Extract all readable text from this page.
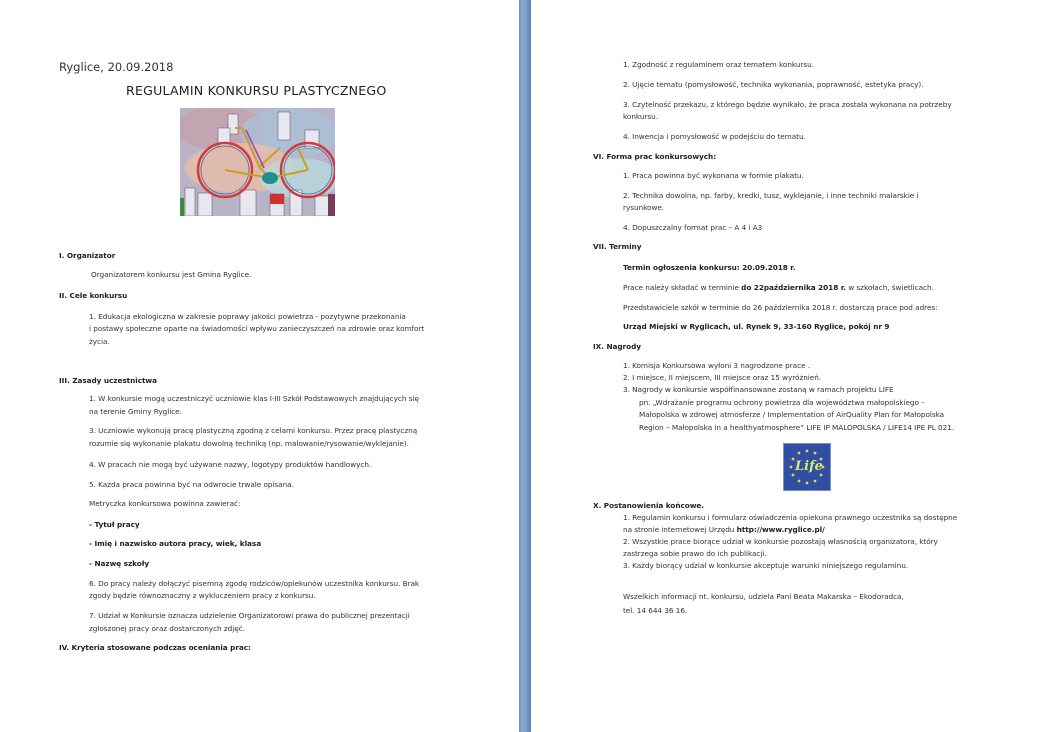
Ryglice, 20.09.2018
REGULAMIN KONKURSU PLASTYCZNEGO
I. Organizator
Organizatorem konkursu jest Gmina Ryglice.
II. Cele konkursu
1. Edukacja ekologiczna w zakresie poprawy jakości powietrza - pozytywne przekonania
i postawy społeczne oparte na świadomości wpływu zanieczyszczeń na zdrowie oraz komfort
życia.
III. Zasady uczestnictwa
1. W konkursie mogą uczestniczyć uczniowie klas I-III Szkół Podstawowych znajdujących się
na terenie Gminy Ryglice.
3. Uczniowie wykonują pracę plastyczną zgodną z celami konkursu. Przez pracę plastyczną
rozumie się wykonanie plakatu dowolną techniką (np. malowanie/rysowanie/wyklejanie).
4. W pracach nie mogą być używane nazwy, logotypy produktów handlowych.
5. Każda praca powinna być na odwrocie trwale opisana.
Metryczka konkursowa powinna zawierać:
- Tytuł pracy
- Imię i nazwisko autora pracy, wiek, klasa
- Nazwę szkoły
6. Do pracy należy dołączyć pisemną zgodę rodziców/opiekunów uczestnika konkursu. Brak
zgody będzie równoznaczny z wykluczeniem pracy z konkursu.
7. Udział w Konkursie oznacza udzielenie Organizatorowi prawa do publicznej prezentacji
zgłoszonej pracy oraz dostarczonych zdjęć.
IV. Kryteria stosowane podczas oceniania prac:
1. Zgodność z regulaminem oraz tematem konkursu.
2. Ujęcie tematu (pomysłowość, technika wykonania, poprawność, estetyka pracy).
3. Czytelność przekazu, z którego będzie wynikało, że praca została wykonana na potrzeby
konkursu.
4. Inwencja i pomysłowość w podejściu do tematu.
VI. Forma prac konkursowych:
1. Praca powinna być wykonana w formie plakatu.
2. Technika dowolna, np. farby, kredki, tusz, wyklejanie, i inne techniki malarskie i
rysunkowe.
4. Dopuszczalny format prac – A 4 i A3
VII. Terminy
Termin ogłoszenia konkursu: 20.09.2018 r.
Prace należy składać w terminie do 22października 2018 r. w szkołach, świetlicach.
Przedstawiciele szkół w terminie do 26 października 2018 r. dostarczą prace pod adres:
Urząd Miejski w Ryglicach, ul. Rynek 9, 33-160 Ryglice, pokój nr 9
IX. Nagrody
1. Komisja Konkursowa wyłoni 3 nagrodzone prace .
2. I miejsce, II miejscem, III miejsce oraz 15 wyróżnień.
3. Nagrody w konkursie współfinansowane zostaną w ramach projektu LIFE
pn. „Wdrażanie programu ochrony powietrza dla województwa małopolskiego –
Małopolska w zdrowej atmosferze / Implementation of AirQuality Plan for Małopolska
Region – Małopolska in a healthyatmosphere” LIFE IP MALOPOLSKA / LIFE14 IPE PL 021.
Life
X. Postanowienia końcowe.
1. Regulamin konkursu i formularz oświadczenia opiekuna prawnego uczestnika są dostępne
na stronie internetowej Urzędu http://www.ryglice.pl/
2. Wszystkie prace biorące udział w konkursie pozostają własnością organizatora, który
zastrzega sobie prawo do ich publikacji.
3. Każdy biorący udział w konkursie akceptuje warunki niniejszego regulaminu.
Wszelkich informacji nt. konkursu, udziela Pani Beata Makarska – Ekodoradca,
tel. 14 644 36 16.
